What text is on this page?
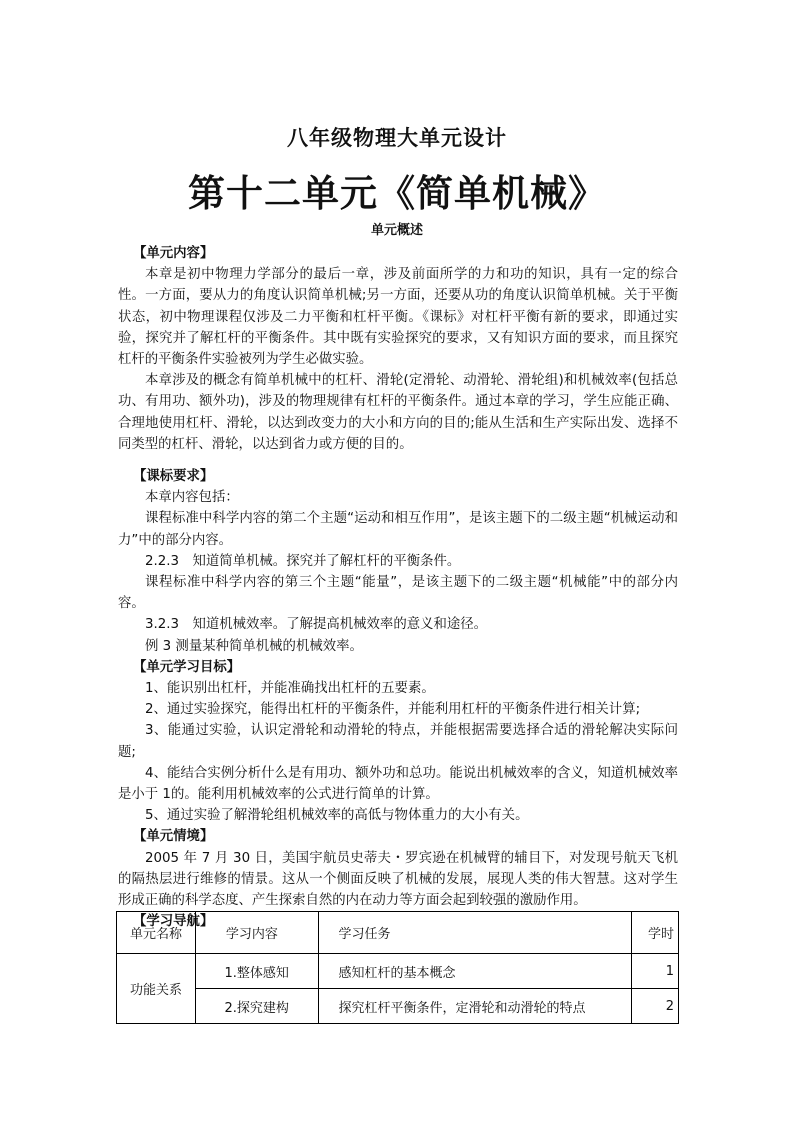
八年级物理大单元设计
第十二单元《简单机械》
单元概述

【单元内容】

本章是初中物理力学部分的最后一章，涉及前面所学的力和功的知识，具有一定的综合性。一方面，要从力的角度认识简单机械;另一方面，还要从功的角度认识简单机械。关于平衡状态，初中物理课程仅涉及二力平衡和杠杆平衡。《课标》对杠杆平衡有新的要求，即通过实验，探究并了解杠杆的平衡条件。其中既有实验探究的要求，又有知识方面的要求，而且探究杠杆的平衡条件实验被列为学生必做实验。

本章涉及的概念有简单机械中的杠杆、滑轮(定滑轮、动滑轮、滑轮组)和机械效率(包括总功、有用功、额外功)，涉及的物理规律有杠杆的平衡条件。通过本章的学习，学生应能正确、合理地使用杠杆、滑轮，以达到改变力的大小和方向的目的;能从生活和生产实际出发、选择不同类型的杠杆、滑轮，以达到省力或方便的目的。

【课标要求】

本章内容包括：

课程标准中科学内容的第二个主题“运动和相互作用”，是该主题下的二级主题“机械运动和力”中的部分内容。

2.2.3　知道简单机械。探究并了解杠杆的平衡条件。

课程标准中科学内容的第三个主题“能量”，是该主题下的二级主题“机械能”中的部分内容。

3.2.3　知道机械效率。了解提高机械效率的意义和途径。

例 3 测量某种简单机械的机械效率。

【单元学习目标】

1、能识别出杠杆，并能准确找出杠杆的五要素。

2、通过实验探究，能得出杠杆的平衡条件，并能利用杠杆的平衡条件进行相关计算;

3、能通过实验，认识定滑轮和动滑轮的特点，并能根据需要选择合适的滑轮解决实际问题;

4、能结合实例分析什么是有用功、额外功和总功。能说出机械效率的含义，知道机械效率是小于 1的。能利用机械效率的公式进行简单的计算。

5、通过实验了解滑轮组机械效率的高低与物体重力的大小有关。

【单元情境】

2005 年 7 月 30 日，美国宇航员史蒂夫・罗宾逊在机械臂的辅目下，对发现号航天飞机的隔热层进行维修的情景。这从一个侧面反映了机械的发展，展现人类的伟大智慧。这对学生形成正确的科学态度、产生探索自然的内在动力等方面会起到较强的激励作用。

【学习导航】

单元名称	学习内容	学习任务	学时
功能关系	1.整体感知	感知杠杆的基本概念	1
	2.探究建构	探究杠杆平衡条件，定滑轮和动滑轮的特点	2
